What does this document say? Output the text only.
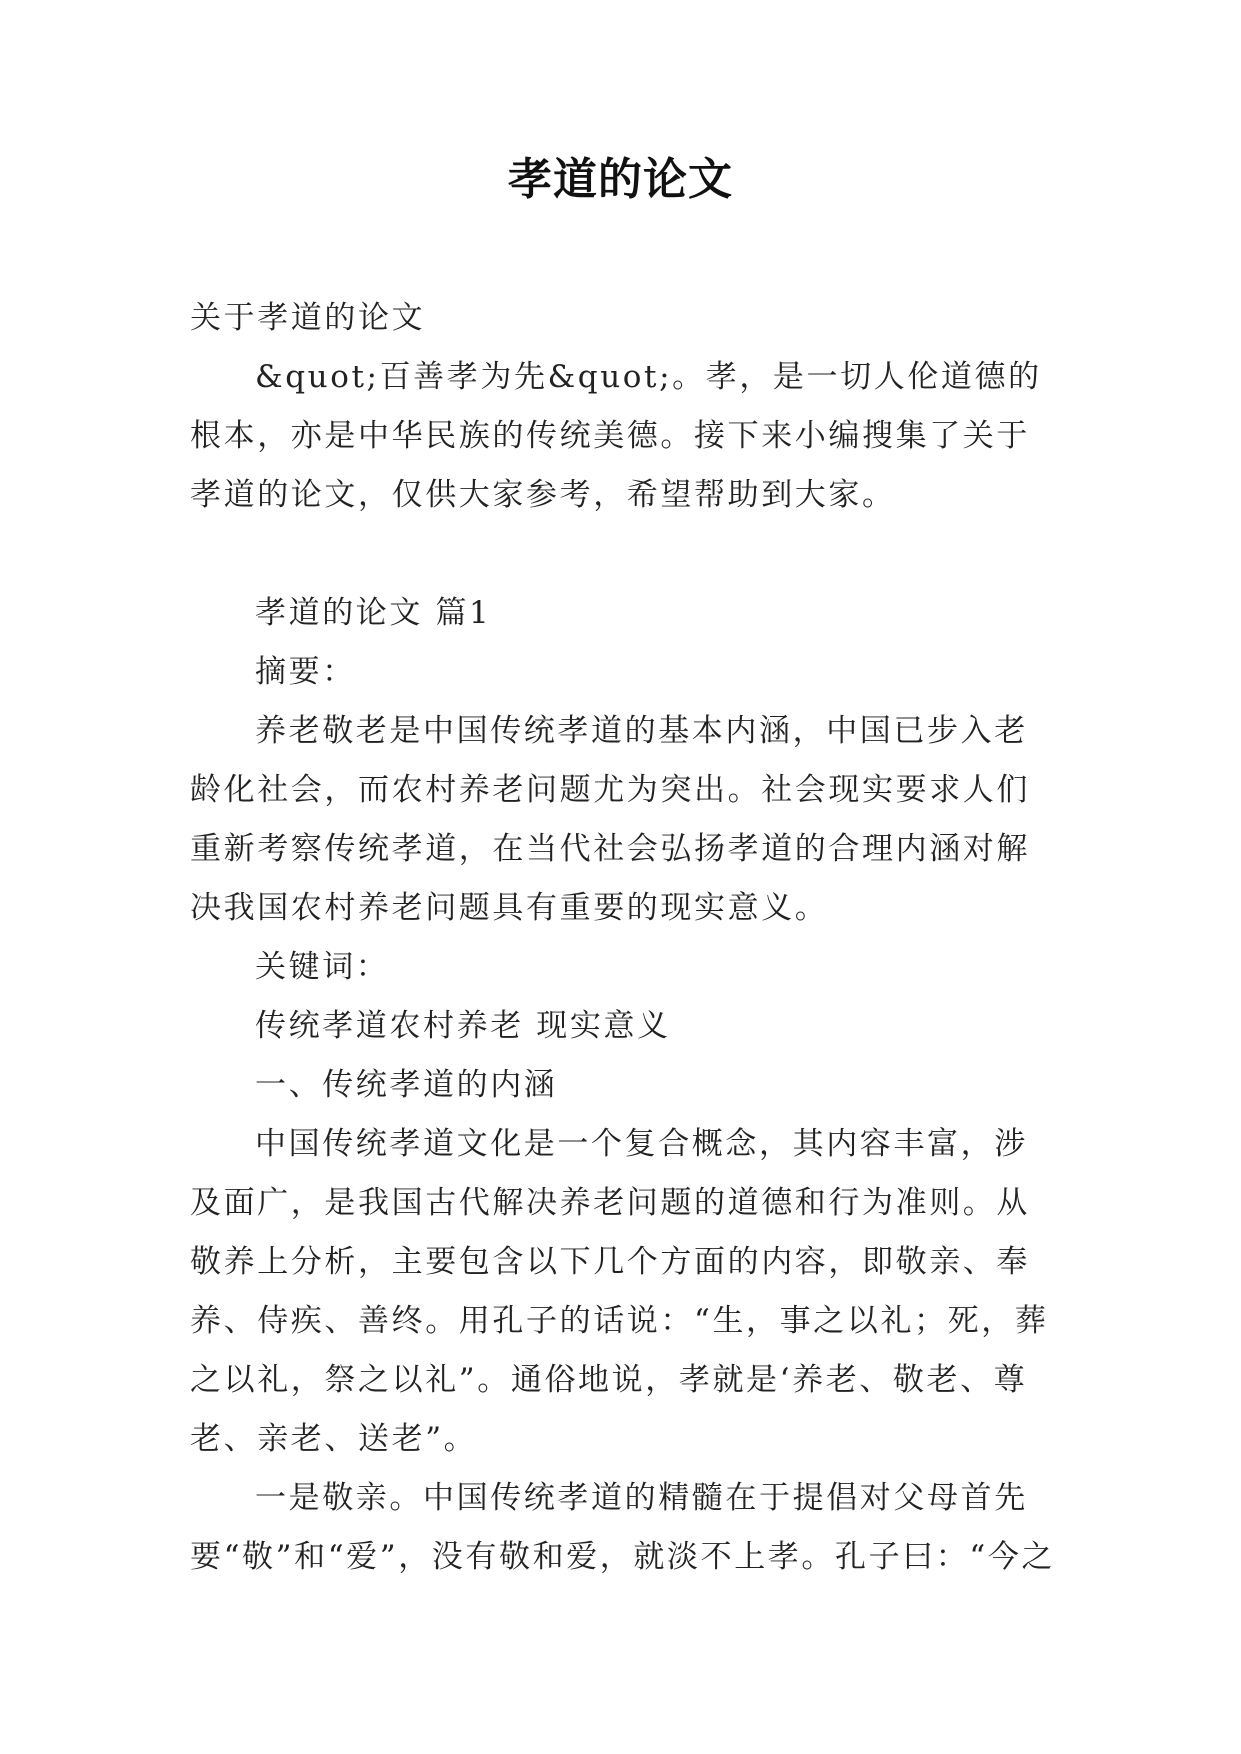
孝道的论文

关于孝道的论文

&quot;百善孝为先&quot;。孝，是一切人伦道德的根本，亦是中华民族的传统美德。接下来小编搜集了关于孝道的论文，仅供大家参考，希望帮助到大家。

孝道的论文 篇1

摘要：

养老敬老是中国传统孝道的基本内涵，中国已步入老龄化社会，而农村养老问题尤为突出。社会现实要求人们重新考察传统孝道，在当代社会弘扬孝道的合理内涵对解决我国农村养老问题具有重要的现实意义。

关键词：

传统孝道农村养老 现实意义

一、传统孝道的内涵

中国传统孝道文化是一个复合概念，其内容丰富，涉及面广，是我国古代解决养老问题的道德和行为准则。从敬养上分析，主要包含以下几个方面的内容，即敬亲、奉养、侍疾、善终。用孔子的话说：“生，事之以礼；死，葬之以礼，祭之以礼”。通俗地说，孝就是‘养老、敬老、尊老、亲老、送老”。

一是敬亲。中国传统孝道的精髓在于提倡对父母首先要“敬”和“爱”，没有敬和爱，就淡不上孝。孔子曰：“今之
